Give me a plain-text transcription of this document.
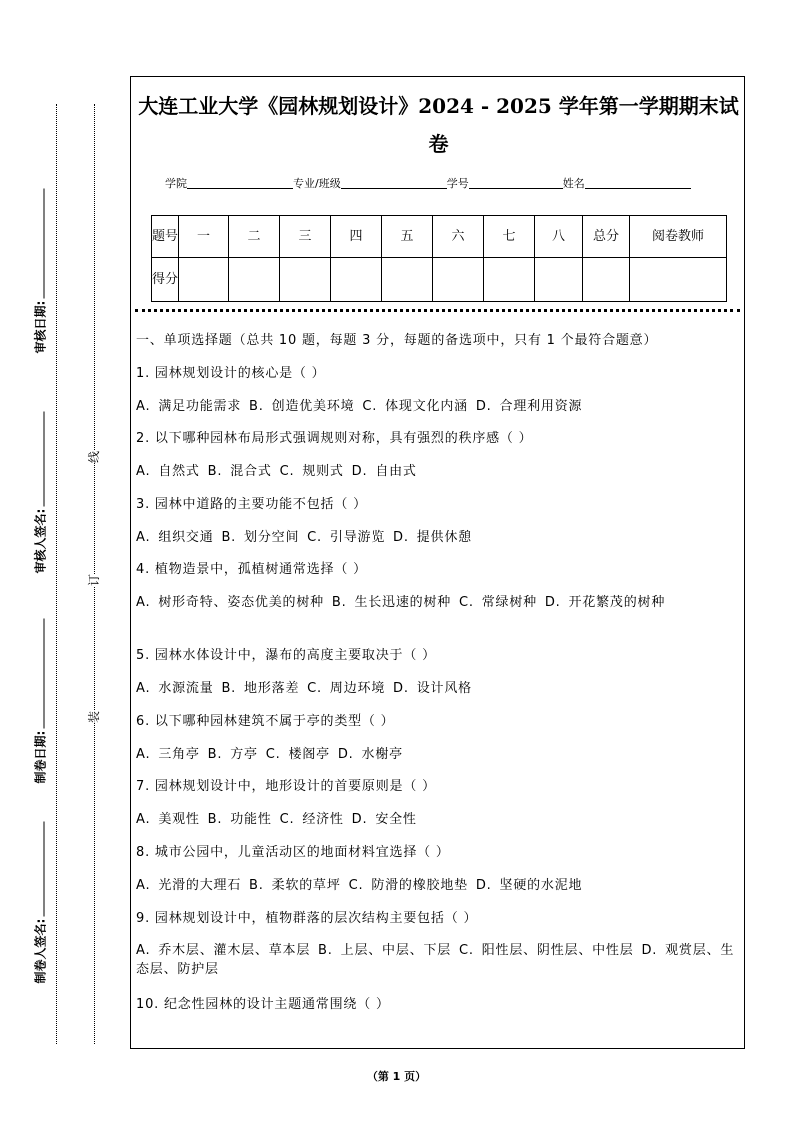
审核日期:
审核人签名:
制卷日期:
制卷人签名:
线
订
装
大连工业大学《园林规划设计》2024 - 2025 学年第一学期期末试卷
学院	专业/班级	学号	姓名
题号	一	二	三	四	五	六	七	八	总分	阅卷教师
得分										
一、单项选择题（总共 10 题，每题 3 分，每题的备选项中，只有 1 个最符合题意）
1. 园林规划设计的核心是（ ）
A. 满足功能需求 B. 创造优美环境 C. 体现文化内涵 D. 合理利用资源
2. 以下哪种园林布局形式强调规则对称，具有强烈的秩序感（ ）
A. 自然式 B. 混合式 C. 规则式 D. 自由式
3. 园林中道路的主要功能不包括（ ）
A. 组织交通 B. 划分空间 C. 引导游览 D. 提供休憩
4. 植物造景中，孤植树通常选择（ ）
A. 树形奇特、姿态优美的树种 B. 生长迅速的树种 C. 常绿树种 D. 开花繁茂的树种
5. 园林水体设计中，瀑布的高度主要取决于（ ）
A. 水源流量 B. 地形落差 C. 周边环境 D. 设计风格
6. 以下哪种园林建筑不属于亭的类型（ ）
A. 三角亭 B. 方亭 C. 楼阁亭 D. 水榭亭
7. 园林规划设计中，地形设计的首要原则是（ ）
A. 美观性 B. 功能性 C. 经济性 D. 安全性
8. 城市公园中，儿童活动区的地面材料宜选择（ ）
A. 光滑的大理石 B. 柔软的草坪 C. 防滑的橡胶地垫 D. 坚硬的水泥地
9. 园林规划设计中，植物群落的层次结构主要包括（ ）
A. 乔木层、灌木层、草本层 B. 上层、中层、下层 C. 阳性层、阴性层、中性层 D. 观赏层、生态层、防护层
10. 纪念性园林的设计主题通常围绕（ ）
（第 1 页）
